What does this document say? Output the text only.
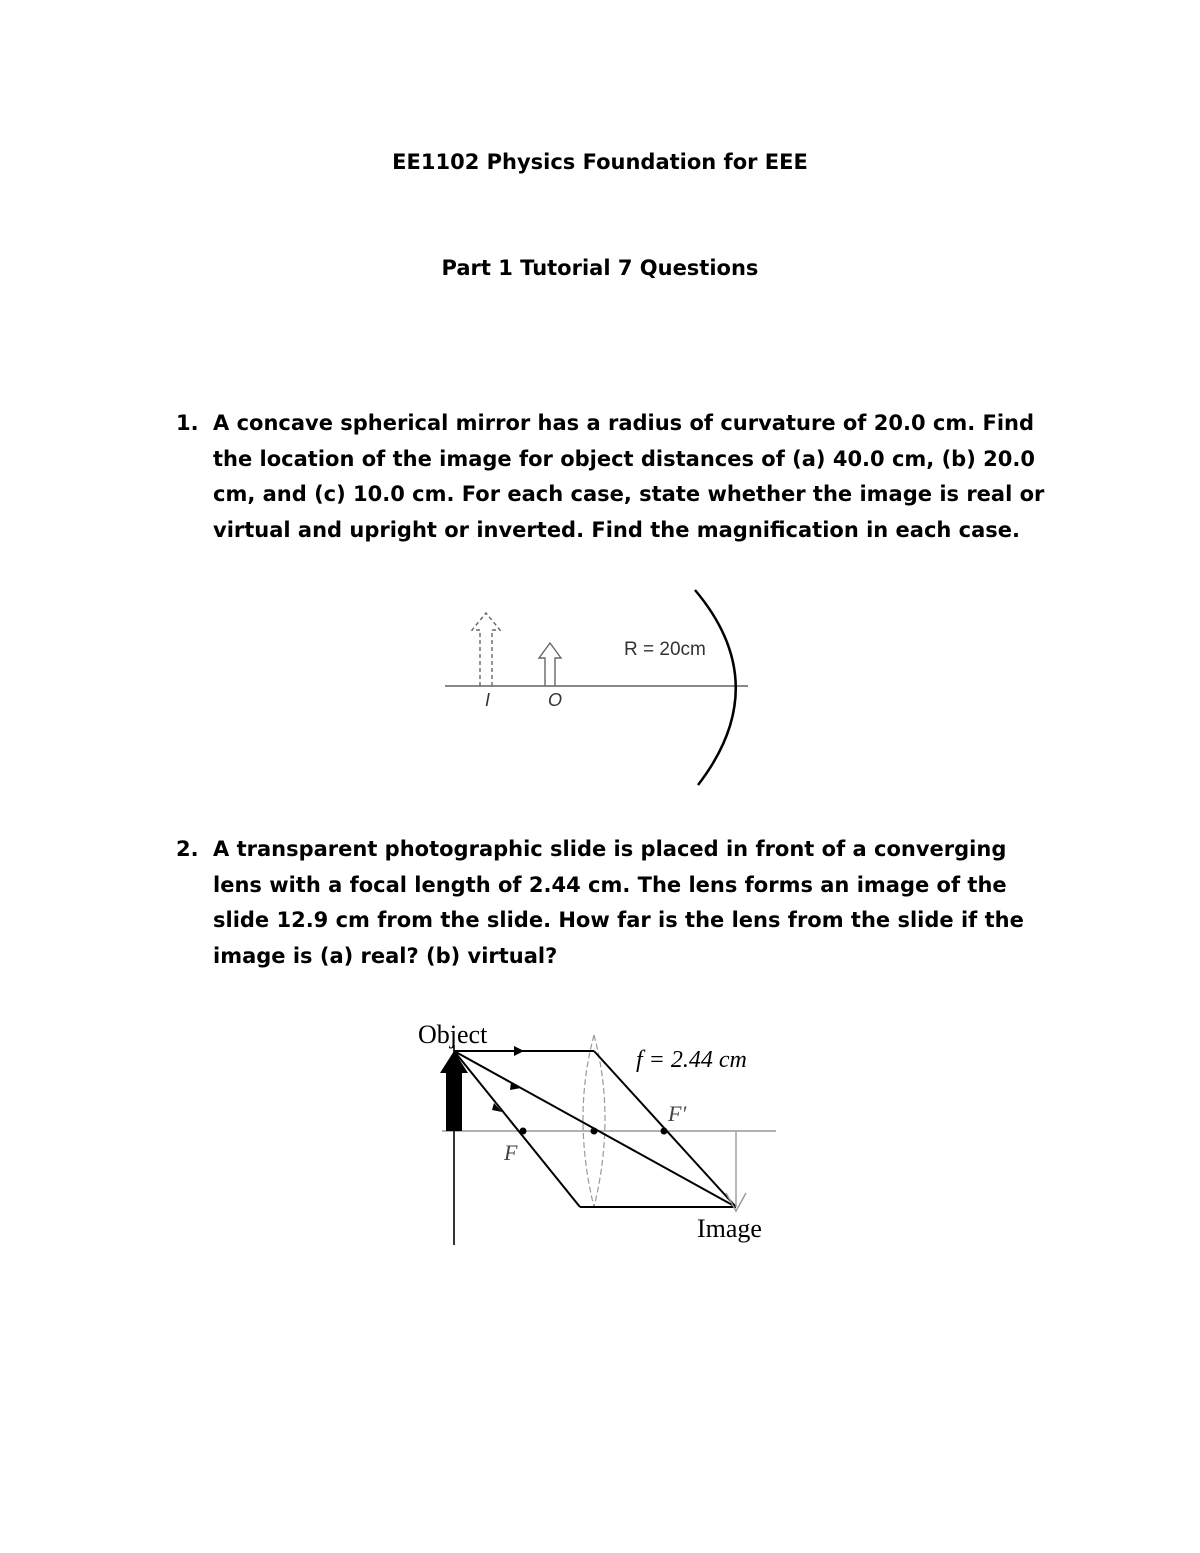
EE1102 Physics Foundation for EEE
Part 1 Tutorial 7 Questions
1. A concave spherical mirror has a radius of curvature of 20.0 cm. Find the location of the image for object distances of (a) 40.0 cm, (b) 20.0 cm, and (c) 10.0 cm. For each case, state whether the image is real or virtual and upright or inverted. Find the magnification in each case.
R = 20cm
I	O
2. A transparent photographic slide is placed in front of a converging lens with a focal length of 2.44 cm. The lens forms an image of the slide 12.9 cm from the slide. How far is the lens from the slide if the image is (a) real? (b) virtual?
Object
f = 2.44 cm
F′
F
Image
